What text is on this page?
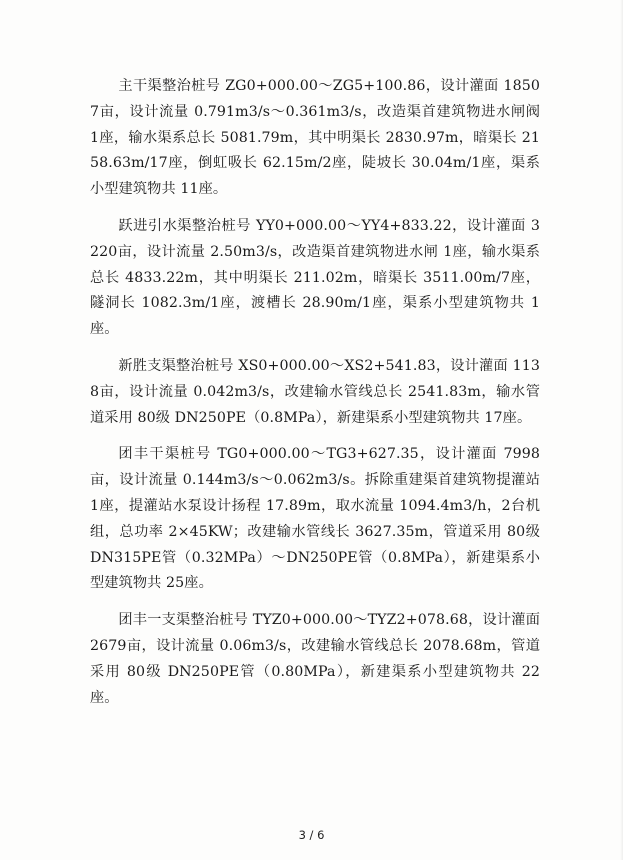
主干渠整治桩号 ZG0+000.00～ZG5+100.86，设计灌面 18507亩，设计流量 0.791m3/s～0.361m3/s，改造渠首建筑物进水闸阀 1座，输水渠系总长 5081.79m，其中明渠长 2830.97m，暗渠长 2158.63m/17座，倒虹吸长 62.15m/2座，陡坡长 30.04m/1座，渠系小型建筑物共 11座。

跃进引水渠整治桩号 YY0+000.00～YY4+833.22，设计灌面 3220亩，设计流量 2.50m3/s，改造渠首建筑物进水闸 1座，输水渠系总长 4833.22m，其中明渠长 211.02m，暗渠长 3511.00m/7座，隧洞长 1082.3m/1座，渡槽长 28.90m/1座，渠系小型建筑物共 1座。

新胜支渠整治桩号 XS0+000.00～XS2+541.83，设计灌面 1138亩，设计流量 0.042m3/s，改建输水管线总长 2541.83m，输水管道采用 80级 DN250PE（0.8MPa），新建渠系小型建筑物共 17座。

团丰干渠桩号 TG0+000.00～TG3+627.35，设计灌面 7998亩，设计流量 0.144m3/s～0.062m3/s。拆除重建渠首建筑物提灌站 1座，提灌站水泵设计扬程 17.89m，取水流量 1094.4m3/h，2台机组，总功率 2×45KW；改建输水管线长 3627.35m，管道采用 80级 DN315PE管（0.32MPa）～DN250PE管（0.8MPa），新建渠系小型建筑物共 25座。

团丰一支渠整治桩号 TYZ0+000.00～TYZ2+078.68，设计灌面 2679亩，设计流量 0.06m3/s，改建输水管线总长 2078.68m，管道采用 80级 DN250PE管（0.80MPa），新建渠系小型建筑物共 22座。

3 / 6
